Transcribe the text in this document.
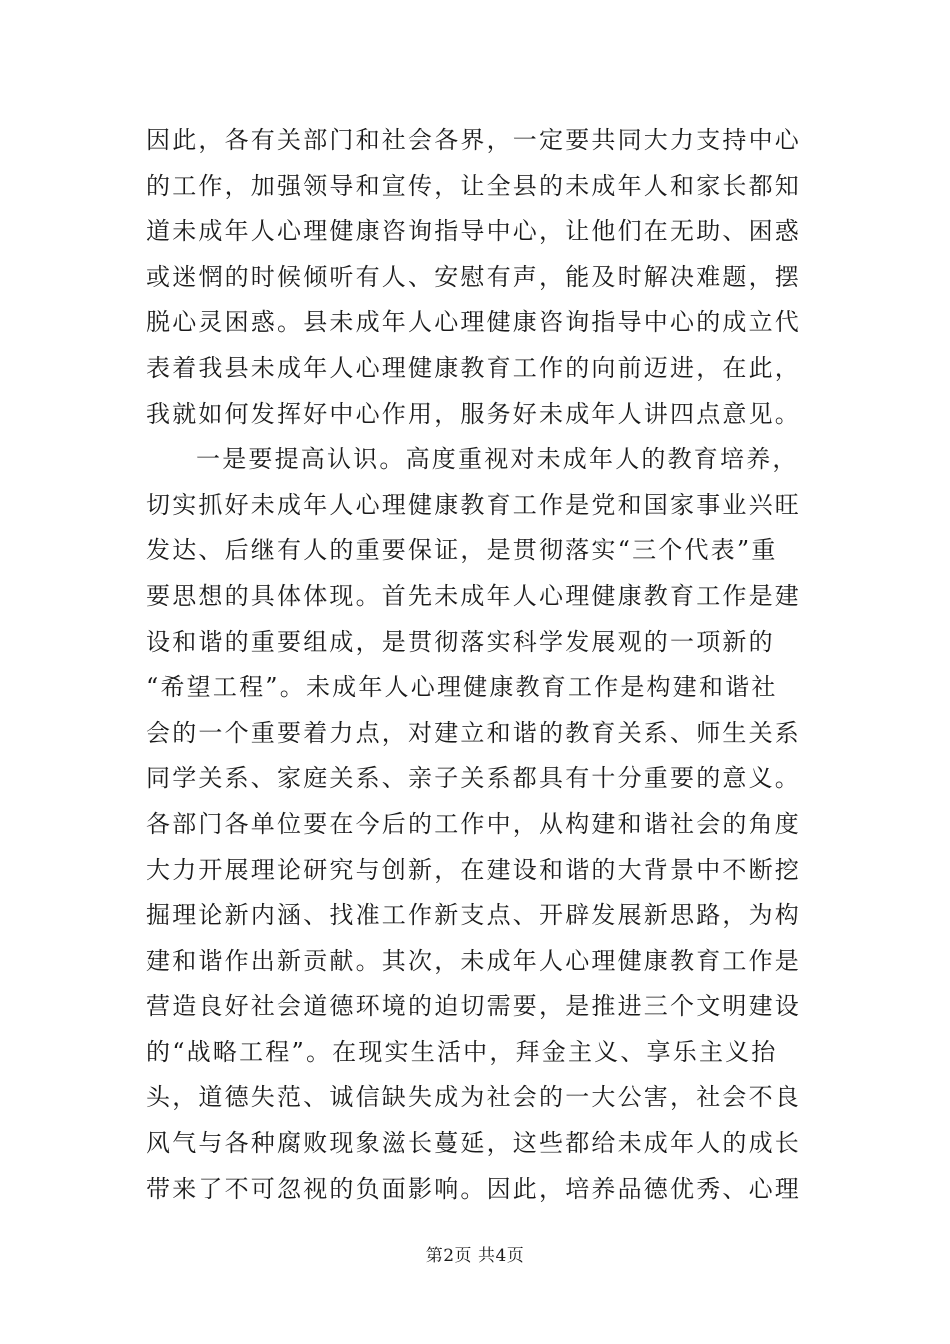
因此，各有关部门和社会各界，一定要共同大力支持中心
的工作，加强领导和宣传，让全县的未成年人和家长都知
道未成年人心理健康咨询指导中心，让他们在无助、困惑
或迷惘的时候倾听有人、安慰有声，能及时解决难题，摆
脱心灵困惑。县未成年人心理健康咨询指导中心的成立代
表着我县未成年人心理健康教育工作的向前迈进，在此，
我就如何发挥好中心作用，服务好未成年人讲四点意见。
一是要提高认识。高度重视对未成年人的教育培养，
切实抓好未成年人心理健康教育工作是党和国家事业兴旺
发达、后继有人的重要保证，是贯彻落实“三个代表”重
要思想的具体体现。首先未成年人心理健康教育工作是建
设和谐的重要组成，是贯彻落实科学发展观的一项新的
“希望工程”。未成年人心理健康教育工作是构建和谐社
会的一个重要着力点，对建立和谐的教育关系、师生关系
同学关系、家庭关系、亲子关系都具有十分重要的意义。
各部门各单位要在今后的工作中，从构建和谐社会的角度
大力开展理论研究与创新，在建设和谐的大背景中不断挖
掘理论新内涵、找准工作新支点、开辟发展新思路，为构
建和谐作出新贡献。其次，未成年人心理健康教育工作是
营造良好社会道德环境的迫切需要，是推进三个文明建设
的“战略工程”。在现实生活中，拜金主义、享乐主义抬
头，道德失范、诚信缺失成为社会的一大公害，社会不良
风气与各种腐败现象滋长蔓延，这些都给未成年人的成长
带来了不可忽视的负面影响。因此，培养品德优秀、心理
第2页 共4页
